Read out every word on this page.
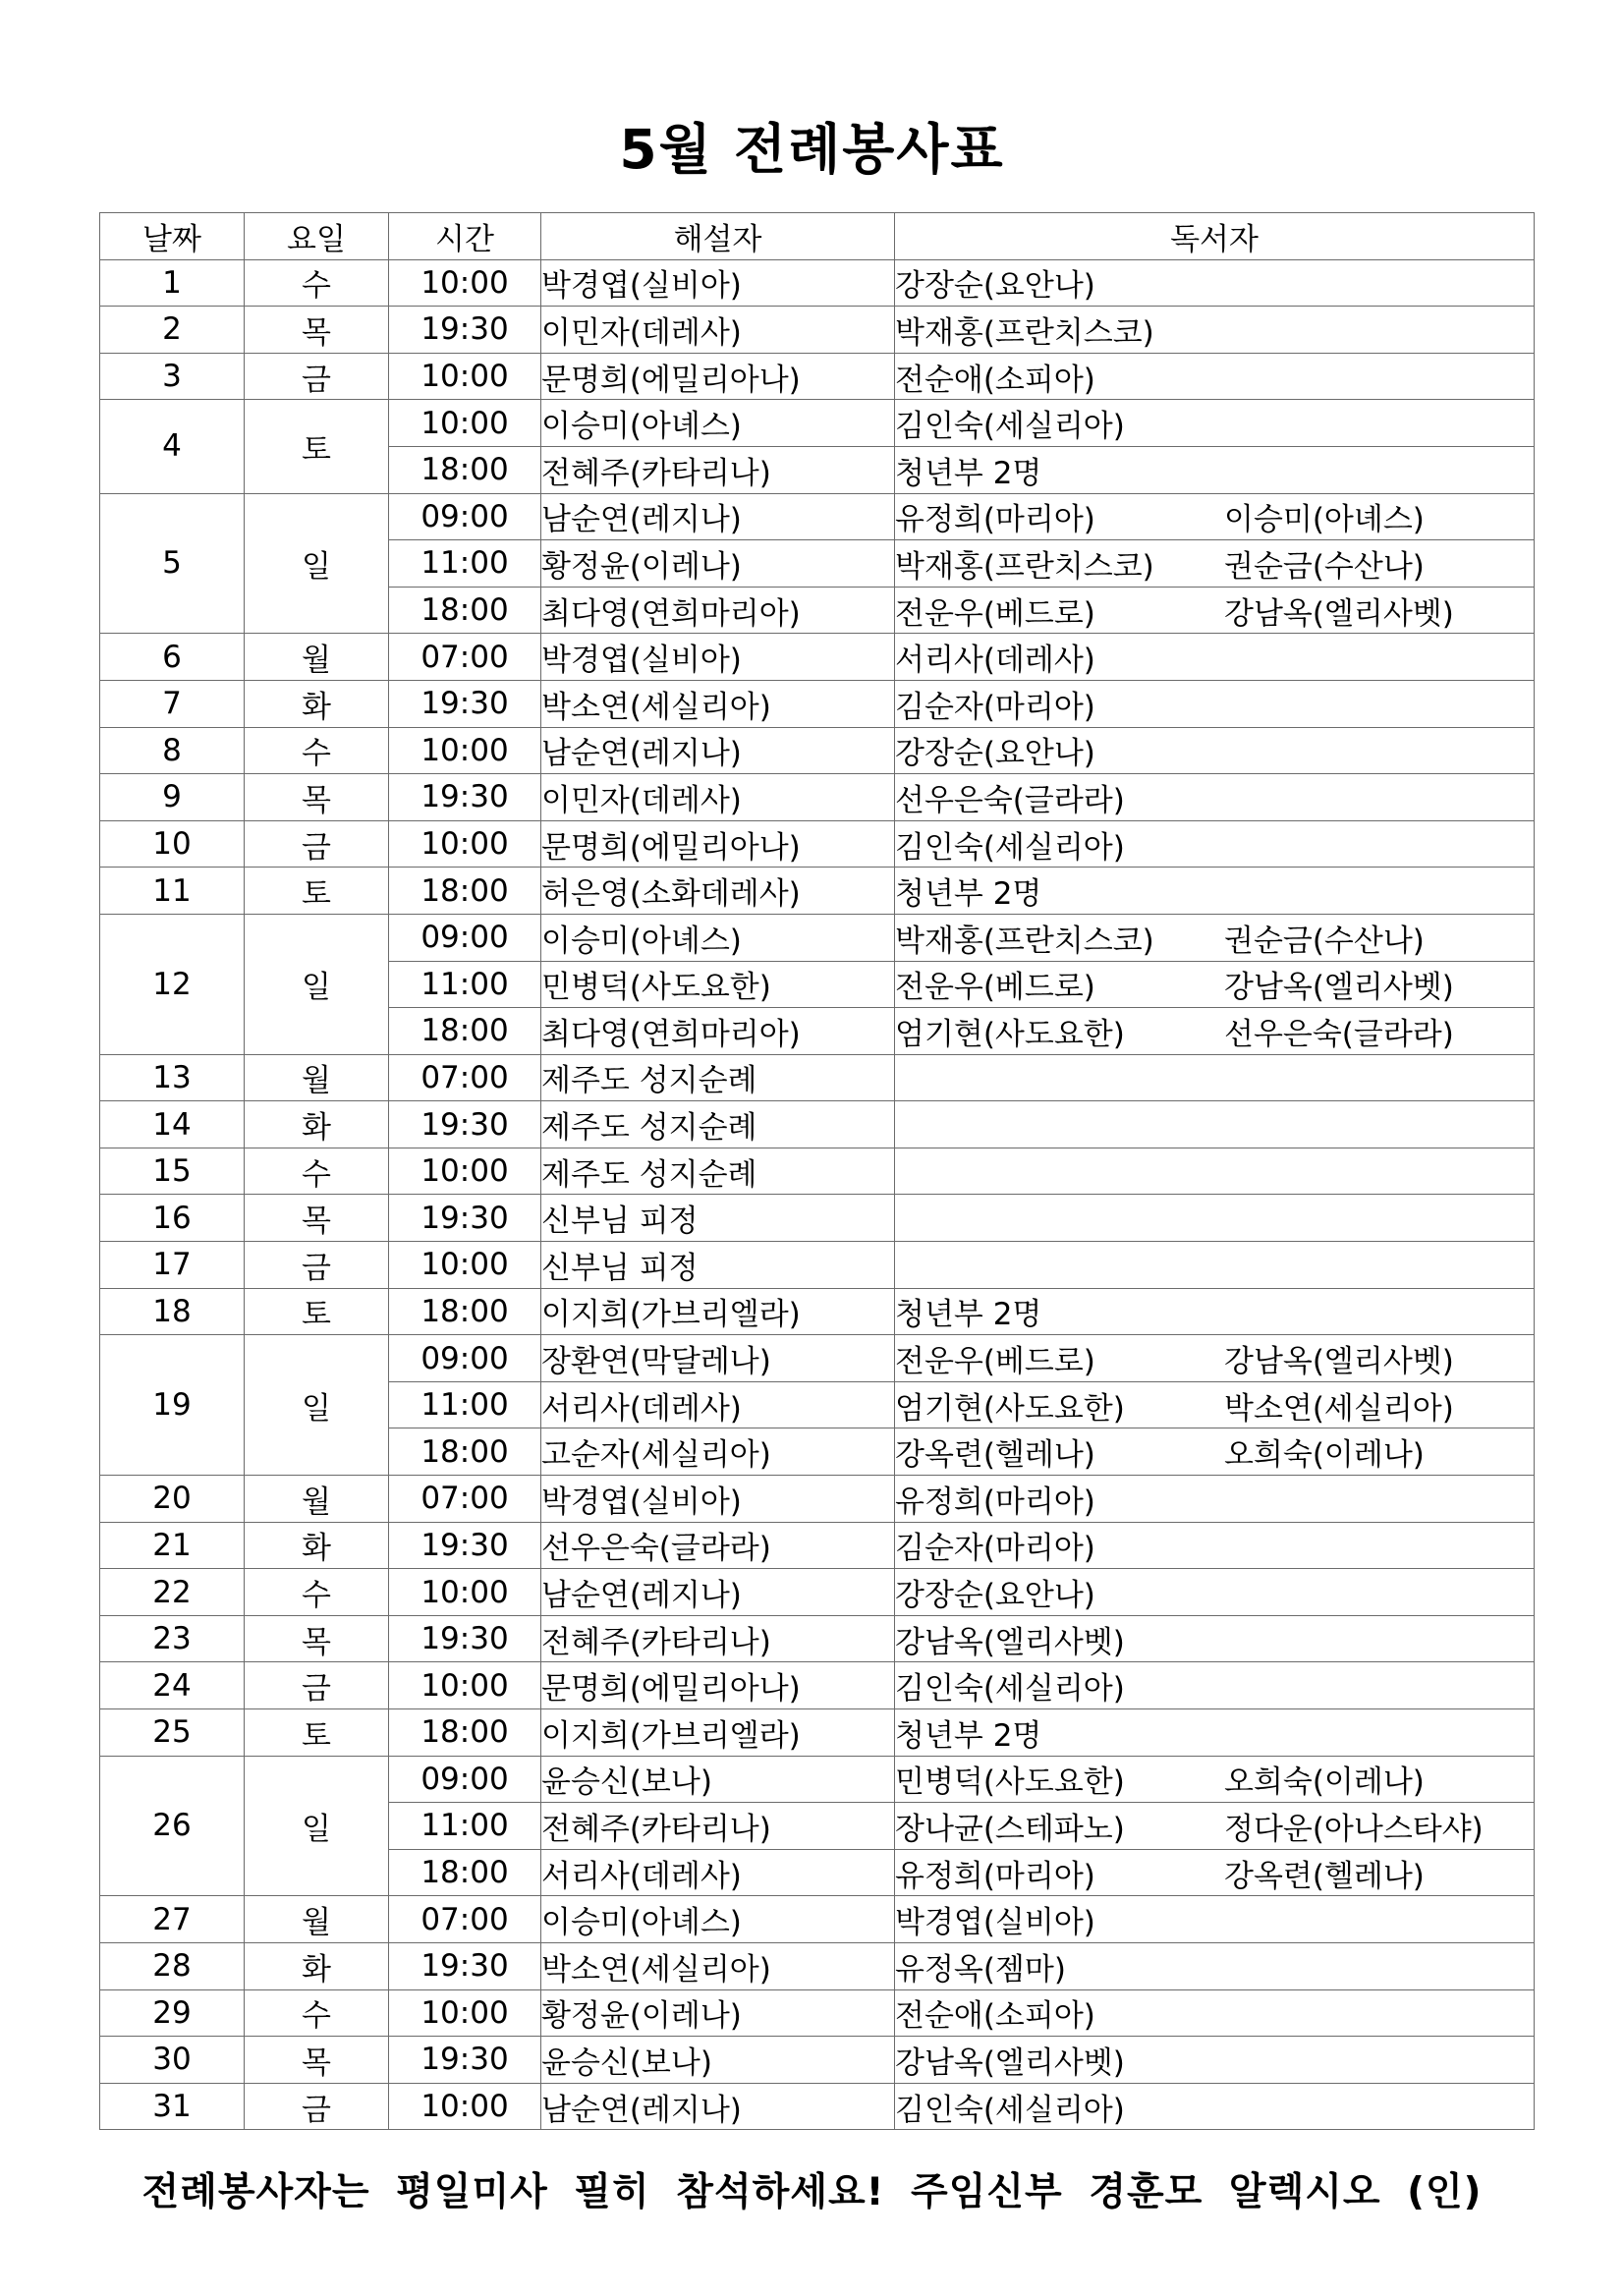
5월 전례봉사표
날짜	요일	시간	해설자	독서자
1	수	10:00	박경엽(실비아)	강장순(요안나)
2	목	19:30	이민자(데레사)	박재홍(프란치스코)
3	금	10:00	문명희(에밀리아나)	전순애(소피아)
4	토	10:00	이승미(아녜스)	김인숙(세실리아)
		18:00	전혜주(카타리나)	청년부 2명
5	일	09:00	남순연(레지나)	유정희(마리아) 이승미(아녜스)
		11:00	황정윤(이레나)	박재홍(프란치스코) 권순금(수산나)
		18:00	최다영(연희마리아)	전운우(베드로) 강남옥(엘리사벳)
6	월	07:00	박경엽(실비아)	서리사(데레사)
7	화	19:30	박소연(세실리아)	김순자(마리아)
8	수	10:00	남순연(레지나)	강장순(요안나)
9	목	19:30	이민자(데레사)	선우은숙(글라라)
10	금	10:00	문명희(에밀리아나)	김인숙(세실리아)
11	토	18:00	허은영(소화데레사)	청년부 2명
12	일	09:00	이승미(아녜스)	박재홍(프란치스코) 권순금(수산나)
		11:00	민병덕(사도요한)	전운우(베드로) 강남옥(엘리사벳)
		18:00	최다영(연희마리아)	엄기현(사도요한) 선우은숙(글라라)
13	월	07:00	제주도 성지순례	
14	화	19:30	제주도 성지순례	
15	수	10:00	제주도 성지순례	
16	목	19:30	신부님 피정	
17	금	10:00	신부님 피정	
18	토	18:00	이지희(가브리엘라)	청년부 2명
19	일	09:00	장환연(막달레나)	전운우(베드로) 강남옥(엘리사벳)
		11:00	서리사(데레사)	엄기현(사도요한) 박소연(세실리아)
		18:00	고순자(세실리아)	강옥련(헬레나) 오희숙(이레나)
20	월	07:00	박경엽(실비아)	유정희(마리아)
21	화	19:30	선우은숙(글라라)	김순자(마리아)
22	수	10:00	남순연(레지나)	강장순(요안나)
23	목	19:30	전혜주(카타리나)	강남옥(엘리사벳)
24	금	10:00	문명희(에밀리아나)	김인숙(세실리아)
25	토	18:00	이지희(가브리엘라)	청년부 2명
26	일	09:00	윤승신(보나)	민병덕(사도요한) 오희숙(이레나)
		11:00	전혜주(카타리나)	장나균(스테파노) 정다운(아나스타샤)
		18:00	서리사(데레사)	유정희(마리아) 강옥련(헬레나)
27	월	07:00	이승미(아녜스)	박경엽(실비아)
28	화	19:30	박소연(세실리아)	유정옥(젬마)
29	수	10:00	황정윤(이레나)	전순애(소피아)
30	목	19:30	윤승신(보나)	강남옥(엘리사벳)
31	금	10:00	남순연(레지나)	김인숙(세실리아)
전례봉사자는 평일미사 필히 참석하세요! 주임신부 경훈모 알렉시오 (인)
